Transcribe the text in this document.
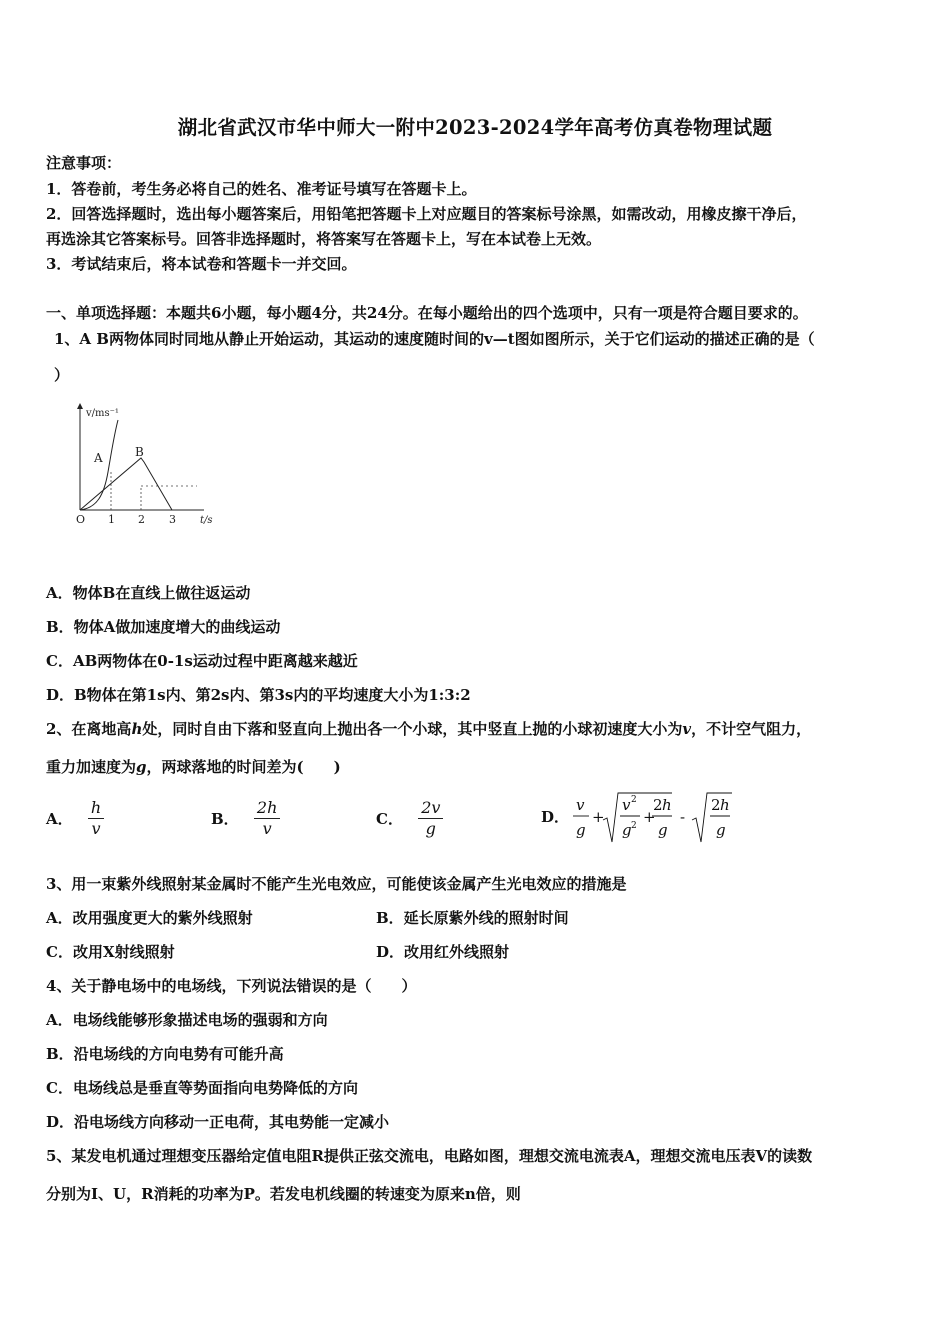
湖北省武汉市华中师大一附中2023-2024学年高考仿真卷物理试题
注意事项：
1．答卷前，考生务必将自己的姓名、准考证号填写在答题卡上。
2．回答选择题时，选出每小题答案后，用铅笔把答题卡上对应题目的答案标号涂黑，如需改动，用橡皮擦干净后，
再选涂其它答案标号。回答非选择题时，将答案写在答题卡上，写在本试卷上无效。
3．考试结束后，将本试卷和答题卡一并交回。
一、单项选择题：本题共6小题，每小题4分，共24分。在每小题给出的四个选项中，只有一项是符合题目要求的。
1、A B两物体同时同地从静止开始运动，其运动的速度随时间的v—t图如图所示，关于它们运动的描述正确的是（
）
v/ms⁻¹
t/s
O 1 2 3
A	B
A．物体B在直线上做往返运动
B．物体A做加速度增大的曲线运动
C．AB两物体在0-1s运动过程中距离越来越近
D．B物体在第1s内、第2s内、第3s内的平均速度大小为1:3:2
2、在离地高h处，同时自由下落和竖直向上抛出各一个小球，其中竖直上抛的小球初速度大小为v，不计空气阻力，
重力加速度为g，两球落地的时间差为(　　)
A． $\frac{h}{v}$	B． $\frac{2h}{v}$	C． $\frac{2v}{g}$	D．
v
g
+
v 2
g 2 +
2 h
g
-
2 h
g
3、用一束紫外线照射某金属时不能产生光电效应，可能使该金属产生光电效应的措施是
A．改用强度更大的紫外线照射	B．延长原紫外线的照射时间
C．改用X射线照射	D．改用红外线照射
4、关于静电场中的电场线，下列说法错误的是（　　）
A．电场线能够形象描述电场的强弱和方向
B．沿电场线的方向电势有可能升高
C．电场线总是垂直等势面指向电势降低的方向
D．沿电场线方向移动一正电荷，其电势能一定减小
5、某发电机通过理想变压器给定值电阻R提供正弦交流电，电路如图，理想交流电流表A，理想交流电压表V的读数
分别为I、U，R消耗的功率为P。若发电机线圈的转速变为原来n倍，则
